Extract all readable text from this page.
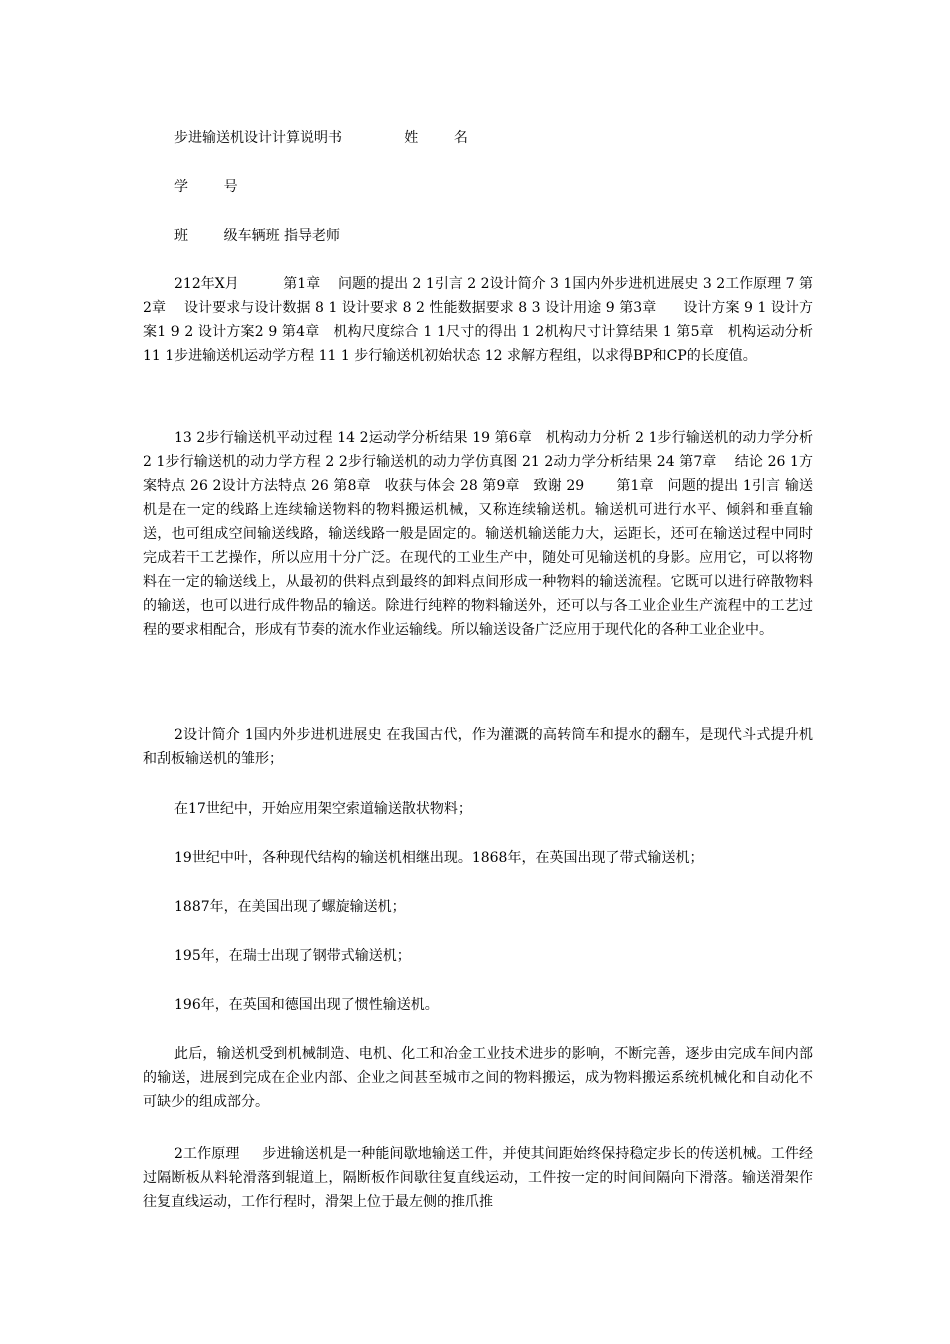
步进输送机设计计算说明书              姓        名

学        号

班        级车辆班 指导老师

212年X月          第1章    问题的提出 2 1引言 2 2设计简介 3 1国内外步进机进展史 3 2工作原理 7 第2章    设计要求与设计数据 8 1 设计要求 8 2 性能数据要求 8 3 设计用途 9 第3章      设计方案 9 1 设计方案1 9 2 设计方案2 9 第4章   机构尺度综合 1 1尺寸的得出 1 2机构尺寸计算结果 1 第5章   机构运动分析 11 1步进输送机运动学方程 11 1 步行输送机初始状态 12 求解方程组，以求得BP和CP的长度值。

13 2步行输送机平动过程 14 2运动学分析结果 19 第6章   机构动力分析 2 1步行输送机的动力学分析 2 1步行输送机的动力学方程 2 2步行输送机的动力学仿真图 21 2动力学分析结果 24 第7章    结论 26 1方案特点 26 2设计方法特点 26 第8章   收获与体会 28 第9章   致谢 29       第1章   问题的提出 1引言 输送机是在一定的线路上连续输送物料的物料搬运机械，又称连续输送机。输送机可进行水平、倾斜和垂直输送，也可组成空间输送线路，输送线路一般是固定的。输送机输送能力大，运距长，还可在输送过程中同时完成若干工艺操作，所以应用十分广泛。在现代的工业生产中，随处可见输送机的身影。应用它，可以将物料在一定的输送线上，从最初的供料点到最终的卸料点间形成一种物料的输送流程。它既可以进行碎散物料的输送，也可以进行成件物品的输送。除进行纯粹的物料输送外，还可以与各工业企业生产流程中的工艺过程的要求相配合，形成有节奏的流水作业运输线。所以输送设备广泛应用于现代化的各种工业企业中。

2设计简介 1国内外步进机进展史 在我国古代，作为灌溉的高转筒车和提水的翻车，是现代斗式提升机和刮板输送机的雏形；

在17世纪中，开始应用架空索道输送散状物料；

19世纪中叶，各种现代结构的输送机相继出现。1868年，在英国出现了带式输送机；

1887年，在美国出现了螺旋输送机；

195年，在瑞士出现了钢带式输送机；

196年，在英国和德国出现了惯性输送机。

此后，输送机受到机械制造、电机、化工和冶金工业技术进步的影响，不断完善，逐步由完成车间内部的输送，进展到完成在企业内部、企业之间甚至城市之间的物料搬运，成为物料搬运系统机械化和自动化不可缺少的组成部分。

2工作原理     步进输送机是一种能间歇地输送工件，并使其间距始终保持稳定步长的传送机械。工件经过隔断板从料轮滑落到辊道上，隔断板作间歇往复直线运动，工件按一定的时间间隔向下滑落。输送滑架作往复直线运动，工作行程时，滑架上位于最左侧的推爪推
